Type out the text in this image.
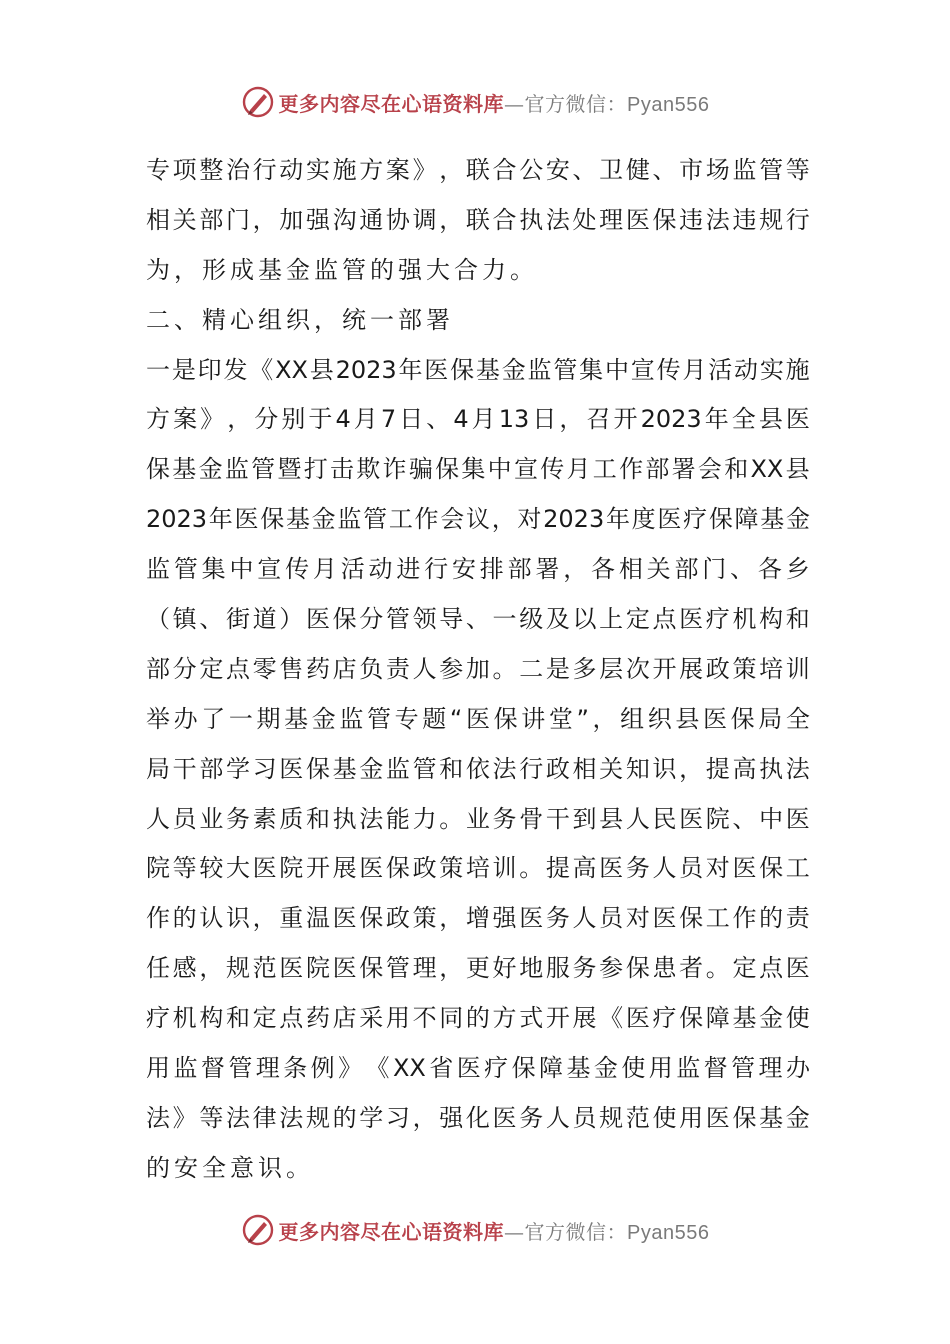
更多内容尽在心语资料库—官方微信：Pyan556
专 项 整 治 行 动 实 施 方 案 》 ， 联 合 公 安 、 卫 健 、 市 场 监 管 等
相 关 部 门 ， 加 强 沟 通 协 调 ， 联 合 执 法 处 理 医 保 违 法 违 规 行
为，形成基金监管的强大合力。
二、精心组织，统一部署
一 是 印 发 《 XX 县 2023 年 医 保 基 金 监 管 集 中 宣 传 月 活 动 实 施
方 案 》 ， 分 别 于 4 月 7 日 、 4 月 13 日 ， 召 开 2023 年 全 县 医
保 基 金 监 管 暨 打 击 欺 诈 骗 保 集 中 宣 传 月 工 作 部 署 会 和 XX 县
2023 年 医 保 基 金 监 管 工 作 会 议 ， 对 2023 年 度 医 疗 保 障 基 金
监 管 集 中 宣 传 月 活 动 进 行 安 排 部 署 ， 各 相 关 部 门 、 各 乡
（ 镇 、 街 道 ） 医 保 分 管 领 导 、 一 级 及 以 上 定 点 医 疗 机 构 和
部 分 定 点 零 售 药 店 负 责 人 参 加 。 二 是 多 层 次 开 展 政 策 培 训
举 办 了 一 期 基 金 监 管 专 题 “ 医 保 讲 堂 ” ， 组 织 县 医 保 局 全
局 干 部 学 习 医 保 基 金 监 管 和 依 法 行 政 相 关 知 识 ， 提 高 执 法
人 员 业 务 素 质 和 执 法 能 力 。 业 务 骨 干 到 县 人 民 医 院 、 中 医
院 等 较 大 医 院 开 展 医 保 政 策 培 训 。 提 高 医 务 人 员 对 医 保 工
作 的 认 识 ， 重 温 医 保 政 策 ， 增 强 医 务 人 员 对 医 保 工 作 的 责
任 感 ， 规 范 医 院 医 保 管 理 ， 更 好 地 服 务 参 保 患 者 。 定 点 医
疗 机 构 和 定 点 药 店 采 用 不 同 的 方 式 开 展 《 医 疗 保 障 基 金 使
用 监 督 管 理 条 例 》 《 XX 省 医 疗 保 障 基 金 使 用 监 督 管 理 办
法 》 等 法 律 法 规 的 学 习 ， 强 化 医 务 人 员 规 范 使 用 医 保 基 金
的安全意识。
更多内容尽在心语资料库—官方微信：Pyan556
